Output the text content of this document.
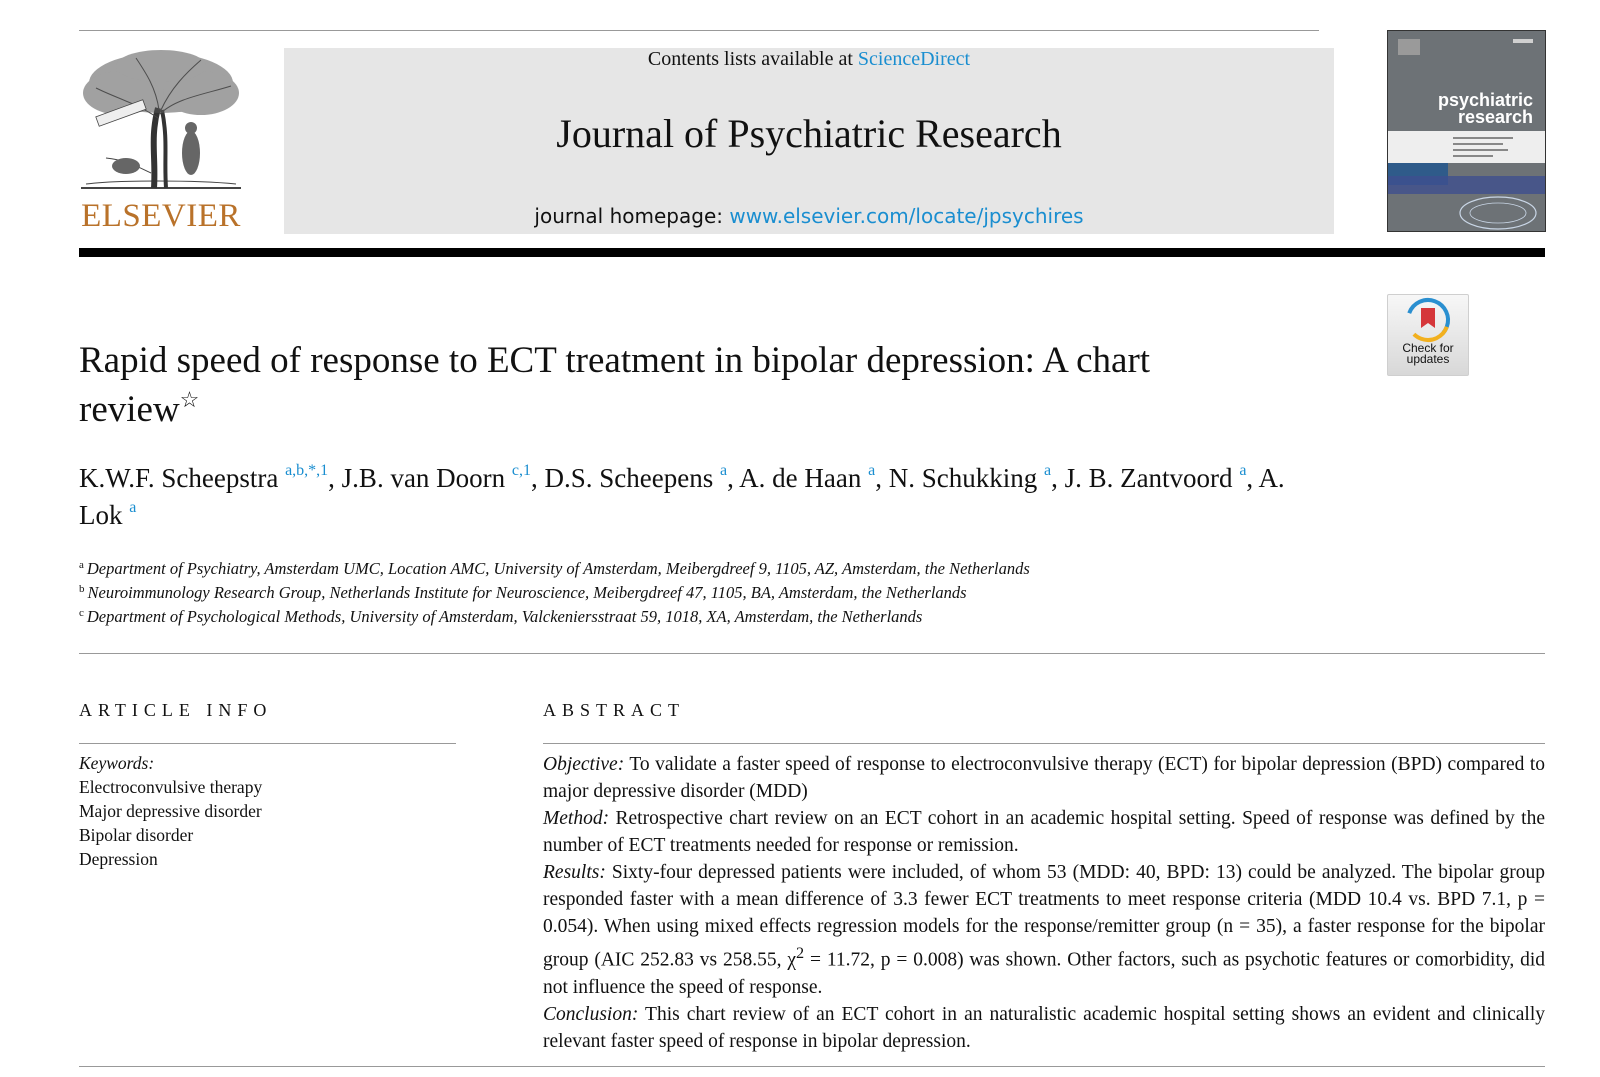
ELSEVIER
Contents lists available at ScienceDirect
Journal of Psychiatric Research
journal homepage: www.elsevier.com/locate/jpsychires
psychiatric
research
Check for
updates
Rapid speed of response to ECT treatment in bipolar depression: A chart review☆
K.W.F. Scheepstra $^{a,b,*,1}$, J.B. van Doorn $^{c,1}$, D.S. Scheepens $^a$, A. de Haan $^a$, N. Schukking $^a$, J. B. Zantvoord $^a$, A. Lok $^a$
$^a$ Department of Psychiatry, Amsterdam UMC, Location AMC, University of Amsterdam, Meibergdreef 9, 1105, AZ, Amsterdam, the Netherlands
$^b$ Neuroimmunology Research Group, Netherlands Institute for Neuroscience, Meibergdreef 47, 1105, BA, Amsterdam, the Netherlands
$^c$ Department of Psychological Methods, University of Amsterdam, Valckeniersstraat 59, 1018, XA, Amsterdam, the Netherlands
ARTICLE INFO
Keywords:
Electroconvulsive therapy
Major depressive disorder
Bipolar disorder
Depression
ABSTRACT

Objective: To validate a faster speed of response to electroconvulsive therapy (ECT) for bipolar depression (BPD) compared to major depressive disorder (MDD)

Method: Retrospective chart review on an ECT cohort in an academic hospital setting. Speed of response was defined by the number of ECT treatments needed for response or remission.

Results: Sixty-four depressed patients were included, of whom 53 (MDD: 40, BPD: 13) could be analyzed. The bipolar group responded faster with a mean difference of 3.3 fewer ECT treatments to meet response criteria (MDD 10.4 vs. BPD 7.1, p = 0.054). When using mixed effects regression models for the response/remitter group (n = 35), a faster response for the bipolar group (AIC 252.83 vs 258.55, $\chi^2 = 11.72$, p = 0.008) was shown. Other factors, such as psychotic features or comorbidity, did not influence the speed of response.

Conclusion: This chart review of an ECT cohort in an naturalistic academic hospital setting shows an evident and clinically relevant faster speed of response in bipolar depression.
